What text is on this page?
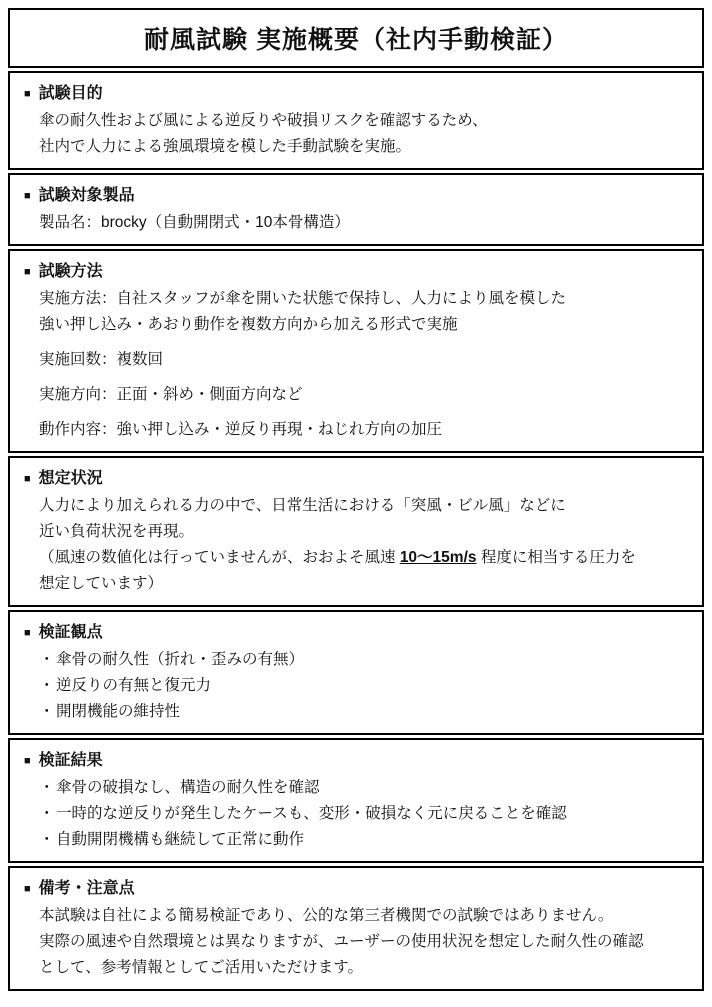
耐風試験 実施概要（社内手動検証）
■ 試験目的
傘の耐久性および風による逆反りや破損リスクを確認するため、
社内で人力による強風環境を模した手動試験を実施。
■ 試験対象製品
製品名：brocky（自動開閉式・10本骨構造）
■ 試験方法
実施方法：自社スタッフが傘を開いた状態で保持し、人力により風を模した
強い押し込み・あおり動作を複数方向から加える形式で実施
実施回数：複数回
実施方向：正面・斜め・側面方向など
動作内容：強い押し込み・逆反り再現・ねじれ方向の加圧
■ 想定状況
人力により加えられる力の中で、日常生活における「突風・ビル風」などに
近い負荷状況を再現。
（風速の数値化は行っていませんが、おおよそ風速 10〜15m/s 程度に相当する圧力を
想定しています）
■ 検証観点
・ 傘骨の耐久性（折れ・歪みの有無）
・ 逆反りの有無と復元力
・ 開閉機能の維持性
■ 検証結果
・ 傘骨の破損なし、構造の耐久性を確認
・ 一時的な逆反りが発生したケースも、変形・破損なく元に戻ることを確認
・ 自動開閉機構も継続して正常に動作
■ 備考・注意点
本試験は自社による簡易検証であり、公的な第三者機関での試験ではありません。
実際の風速や自然環境とは異なりますが、ユーザーの使用状況を想定した耐久性の確認
として、参考情報としてご活用いただけます。
